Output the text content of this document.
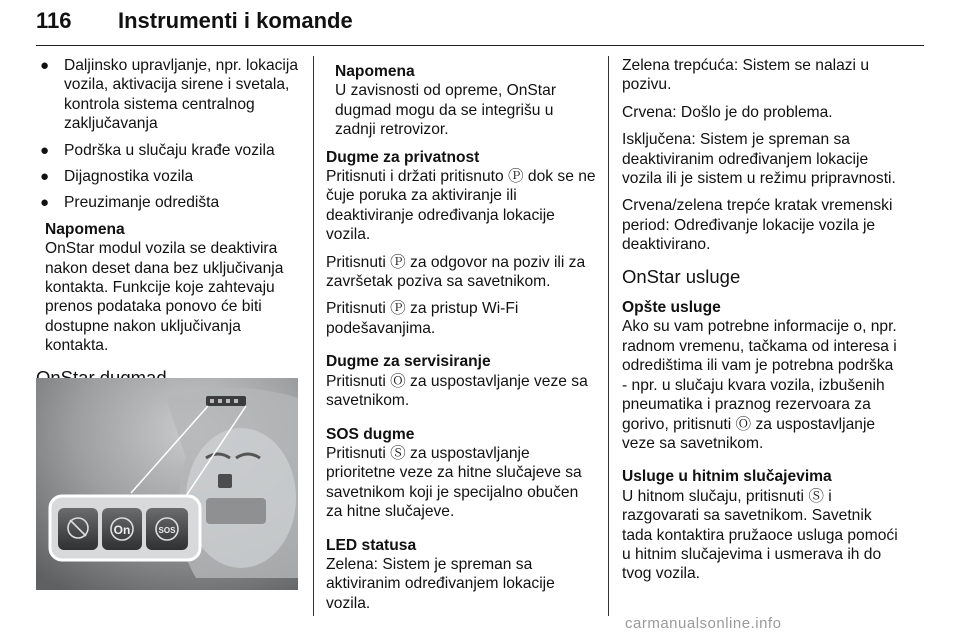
116 Instrumenti i komande
● Daljinsko upravljanje, npr. lokacija vozila, aktivacija sirene i svetala, kontrola sistema centralnog zaključavanja
● Podrška u slučaju krađe vozila
● Dijagnostika vozila
● Preuzimanje odredišta
Napomena
OnStar modul vozila se deaktivira nakon deset dana bez uključivanja kontakta. Funkcije koje zahtevaju prenos podataka ponovo će biti dostupne nakon uključivanja kontakta.
On	SOS
Napomena
U zavisnosti od opreme, OnStar dugmad mogu da se integrišu u zadnji retrovizor.
Dugme za privatnost

Pritisnuti i držati pritisnuto Ⓟ dok se ne čuje poruka za aktiviranje ili deaktiviranje određivanja lokacije vozila.

Pritisnuti Ⓟ za odgovor na poziv ili za završetak poziva sa savetnikom.

Pritisnuti Ⓟ za pristup Wi-Fi podešavanjima.

Dugme za servisiranje

Pritisnuti Ⓞ za uspostavljanje veze sa savetnikom.

SOS dugme

Pritisnuti Ⓢ za uspostavljanje prioritetne veze za hitne slučajeve sa savetnikom koji je specijalno obučen za hitne slučajeve.

LED statusa

Zelena: Sistem je spreman sa aktiviranim određivanjem lokacije vozila.

Zelena trepćuća: Sistem se nalazi u pozivu.

Crvena: Došlo je do problema.

Isključena: Sistem je spreman sa deaktiviranim određivanjem lokacije vozila ili je sistem u režimu pripravnosti.

Crvena/zelena trepće kratak vremenski period: Određivanje lokacije vozila je deaktivirano.

OnStar usluge
Opšte usluge

Ako su vam potrebne informacije o, npr. radnom vremenu, tačkama od interesa i odredištima ili vam je potrebna podrška - npr. u slučaju kvara vozila, izbušenih pneumatika i praznog rezervoara za gorivo, pritisnuti Ⓞ za uspostavljanje veze sa savetnikom.

Usluge u hitnim slučajevima

U hitnom slučaju, pritisnuti Ⓢ i razgovarati sa savetnikom. Savetnik tada kontaktira pružaoce usluga pomoći u hitnim slučajevima i usmerava ih do tvog vozila.

carmanualsonline.info
